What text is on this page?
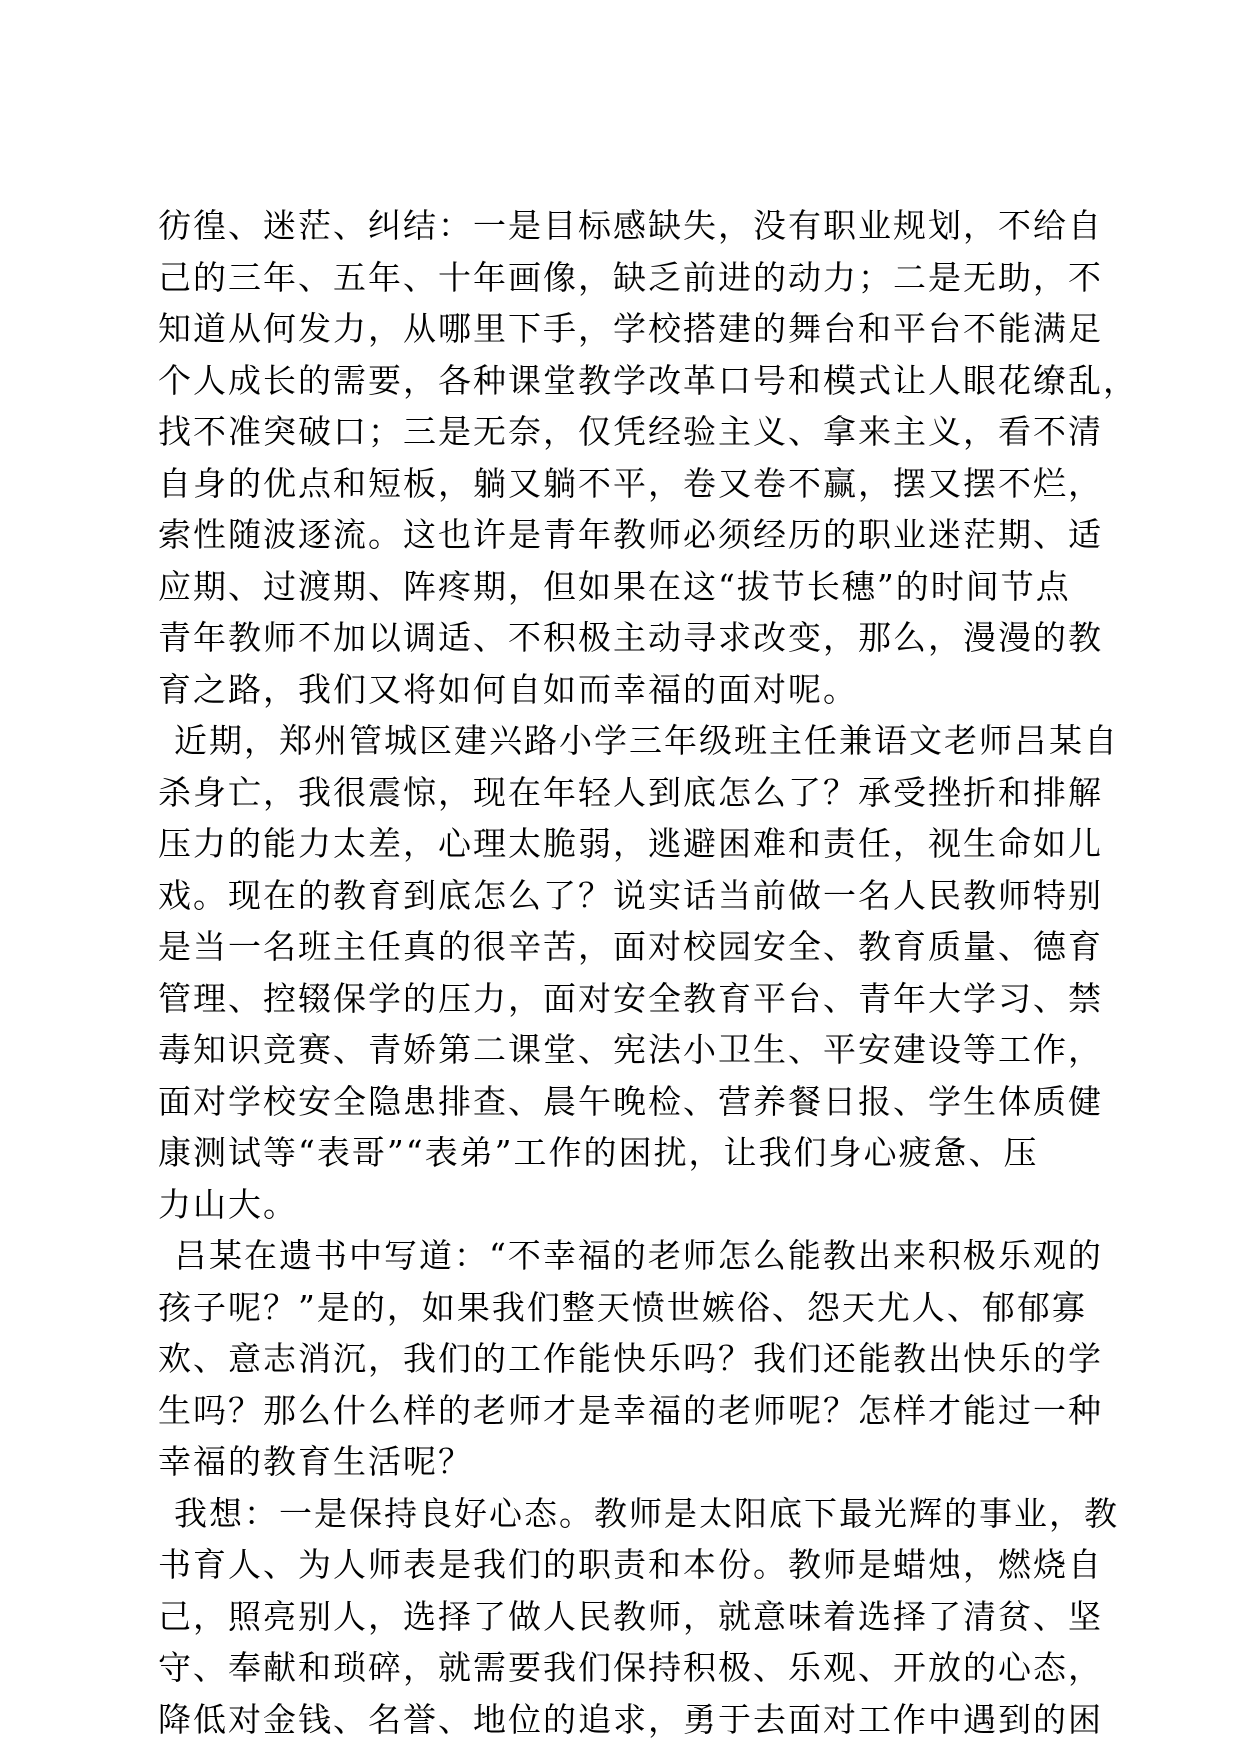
彷徨、迷茫、纠结：一是目标感缺失，没有职业规划，不给自
己的三年、五年、十年画像，缺乏前进的动力；二是无助，不
知道从何发力，从哪里下手，学校搭建的舞台和平台不能满足
个人成长的需要，各种课堂教学改革口号和模式让人眼花缭乱，
找不准突破口；三是无奈，仅凭经验主义、拿来主义，看不清
自身的优点和短板，躺又躺不平，卷又卷不赢，摆又摆不烂，
索性随波逐流。这也许是青年教师必须经历的职业迷茫期、适
应期、过渡期、阵疼期，但如果在这“拔节长穗”的时间节点
青年教师不加以调适、不积极主动寻求改变，那么，漫漫的教
育之路，我们又将如何自如而幸福的面对呢。
近期，郑州管城区建兴路小学三年级班主任兼语文老师吕某自
杀身亡，我很震惊，现在年轻人到底怎么了？承受挫折和排解
压力的能力太差，心理太脆弱，逃避困难和责任，视生命如儿
戏。现在的教育到底怎么了？说实话当前做一名人民教师特别
是当一名班主任真的很辛苦，面对校园安全、教育质量、德育
管理、控辍保学的压力，面对安全教育平台、青年大学习、禁
毒知识竞赛、青娇第二课堂、宪法小卫生、平安建设等工作，
面对学校安全隐患排查、晨午晚检、营养餐日报、学生体质健
康测试等“表哥”“表弟”工作的困扰，让我们身心疲惫、压
力山大。
吕某在遗书中写道：“不幸福的老师怎么能教出来积极乐观的
孩子呢？”是的，如果我们整天愤世嫉俗、怨天尤人、郁郁寡
欢、意志消沉，我们的工作能快乐吗？我们还能教出快乐的学
生吗？那么什么样的老师才是幸福的老师呢？怎样才能过一种
幸福的教育生活呢？
我想：一是保持良好心态。教师是太阳底下最光辉的事业，教
书育人、为人师表是我们的职责和本份。教师是蜡烛，燃烧自
己，照亮别人，选择了做人民教师，就意味着选择了清贫、坚
守、奉献和琐碎，就需要我们保持积极、乐观、开放的心态，
降低对金钱、名誉、地位的追求，勇于去面对工作中遇到的困
